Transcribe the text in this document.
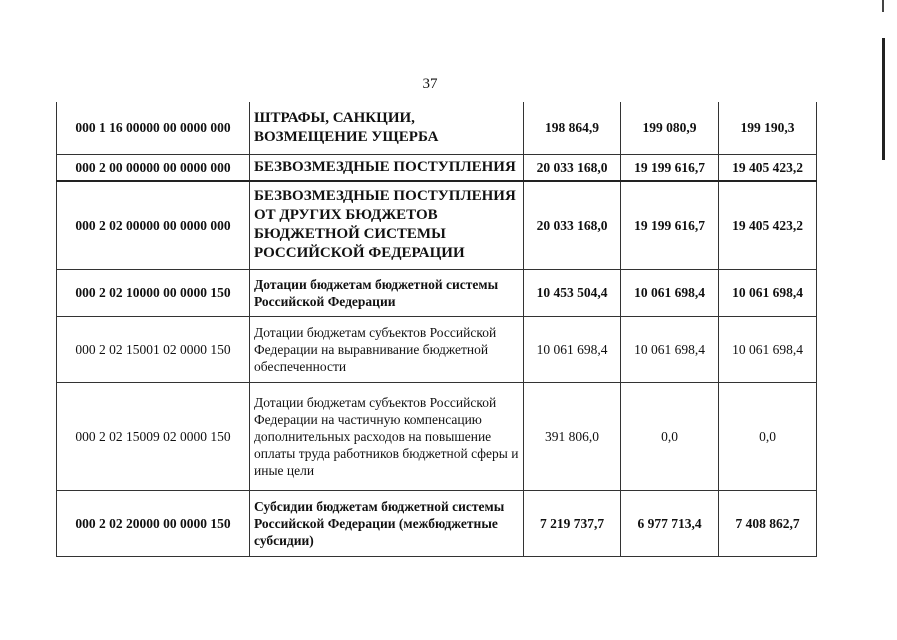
37
000 1 16 00000 00 0000 000	ШТРАФЫ, САНКЦИИ, ВОЗМЕЩЕНИЕ УЩЕРБА	198 864,9	199 080,9	199 190,3
000 2 00 00000 00 0000 000	БЕЗВОЗМЕЗДНЫЕ ПОСТУПЛЕНИЯ	20 033 168,0	19 199 616,7	19 405 423,2
000 2 02 00000 00 0000 000	БЕЗВОЗМЕЗДНЫЕ ПОСТУПЛЕНИЯ ОТ ДРУГИХ БЮДЖЕТОВ БЮДЖЕТНОЙ СИСТЕМЫ РОССИЙСКОЙ ФЕДЕРАЦИИ	20 033 168,0	19 199 616,7	19 405 423,2
000 2 02 10000 00 0000 150	Дотации бюджетам бюджетной системы Российской Федерации	10 453 504,4	10 061 698,4	10 061 698,4
000 2 02 15001 02 0000 150	Дотации бюджетам субъектов Российской Федерации на выравнивание бюджетной обеспеченности	10 061 698,4	10 061 698,4	10 061 698,4
000 2 02 15009 02 0000 150	Дотации бюджетам субъектов Российской Федерации на частичную компенсацию дополнительных расходов на повышение оплаты труда работников бюджетной сферы и иные цели	391 806,0	0,0	0,0
000 2 02 20000 00 0000 150	Субсидии бюджетам бюджетной системы Российской Федерации (межбюджетные субсидии)	7 219 737,7	6 977 713,4	7 408 862,7
